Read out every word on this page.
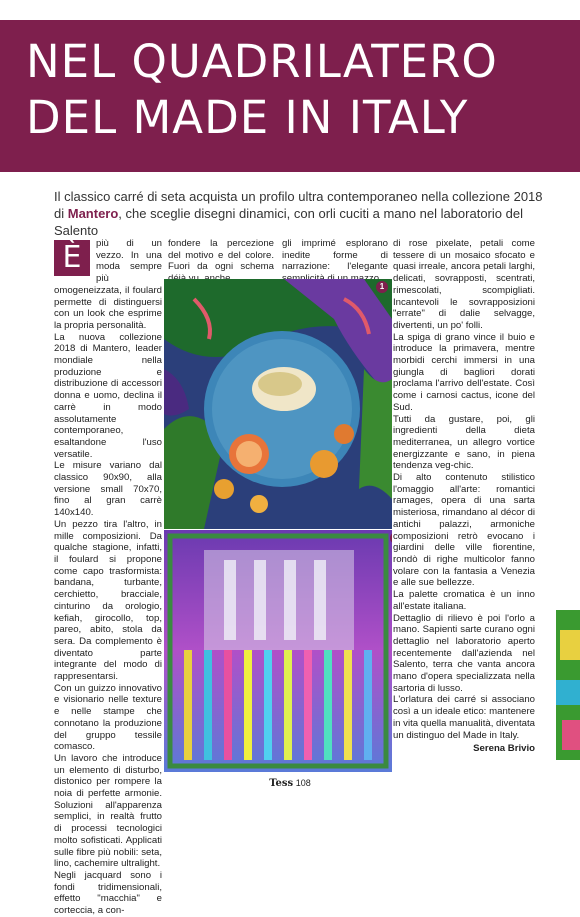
NEL QUADRILATERO
DEL MADE IN ITALY
Il classico carré di seta acquista un profilo ultra contemporaneo nella collezione 2018 di Mantero, che sceglie disegni dinamici, con orli cuciti a mano nel laboratorio del Salento
È	più di un vezzo. In una moda sempre più omogeneizzata, il foulard permette di distinguersi con un look che esprime la propria personalità.

La nuova collezione 2018 di Mantero, leader mondiale nella produzione e distribuzione di accessori donna e uomo, declina il carrè in modo assolutamente contemporaneo, esaltandone l'uso versatile.

Le misure variano dal classico 90x90, alla versione small 70x70, fino al gran carrè 140x140.

Un pezzo tira l'altro, in mille composizioni. Da qualche stagione, infatti, il foulard si propone come capo trasformista: bandana, turbante, cerchietto, bracciale, cinturino da orologio, kefiah, girocollo, top, pareo, abito, stola da sera. Da complemento è diventato parte integrante del modo di rappresentarsi.

Con un guizzo innovativo e visionario nelle texture e nelle stampe che connotano la produzione del gruppo tessile comasco.

Un lavoro che introduce un elemento di disturbo, distonico per rompere la noia di perfette armonie. Soluzioni all'apparenza semplici, in realtà frutto di processi tecnologici molto sofisticati. Applicati sulle fibre più nobili: seta, lino, cachemire ultralight.

Negli jacquard sono i fondi tridimensionali, effetto "macchia" e corteccia, a con-

fondere la percezione del motivo e del colore. Fuori da ogni schema
gli imprimé esplorano inedite forme di narrazione: l'elegante
1

di rose pixelate, petali come tessere di un mosaico sfocato e quasi irreale, ancora petali larghi, delicati, sovrapposti, scentrati, rimescolati, scompigliati. Incantevoli le sovrapposizioni "errate" di dalie selvagge, divertenti, un po' folli.

La spiga di grano vince il buio e introduce la primavera, mentre morbidi cerchi immersi in una giungla di bagliori dorati proclama l'arrivo dell'estate. Così come i carnosi cactus, icone del Sud.

Tutti da gustare, poi, gli ingredienti della dieta mediterranea, un allegro vortice energizzante e sano, in piena tendenza veg-chic.

Di alto contenuto stilistico l'omaggio all'arte: romantici ramages, opera di una sarta misteriosa, rimandano al décor di antichi palazzi, armoniche composizioni retrò evocano i giardini delle ville fiorentine, rondò di righe multicolor fanno volare con la fantasia a Venezia e alle sue bellezze.

La palette cromatica è un inno all'estate italiana.

Dettaglio di rilievo è poi l'orlo a mano. Sapienti sarte curano ogni dettaglio nel laboratorio aperto recentemente dall'azienda nel Salento, terra che vanta ancora mano d'opera specializzata nella sartoria di lusso.

L'orlatura dei carré si associano così a un ideale etico: mantenere in vita quella manualità, diventata un distinguo del Made in Italy.

Serena Brivio
Tess 108
